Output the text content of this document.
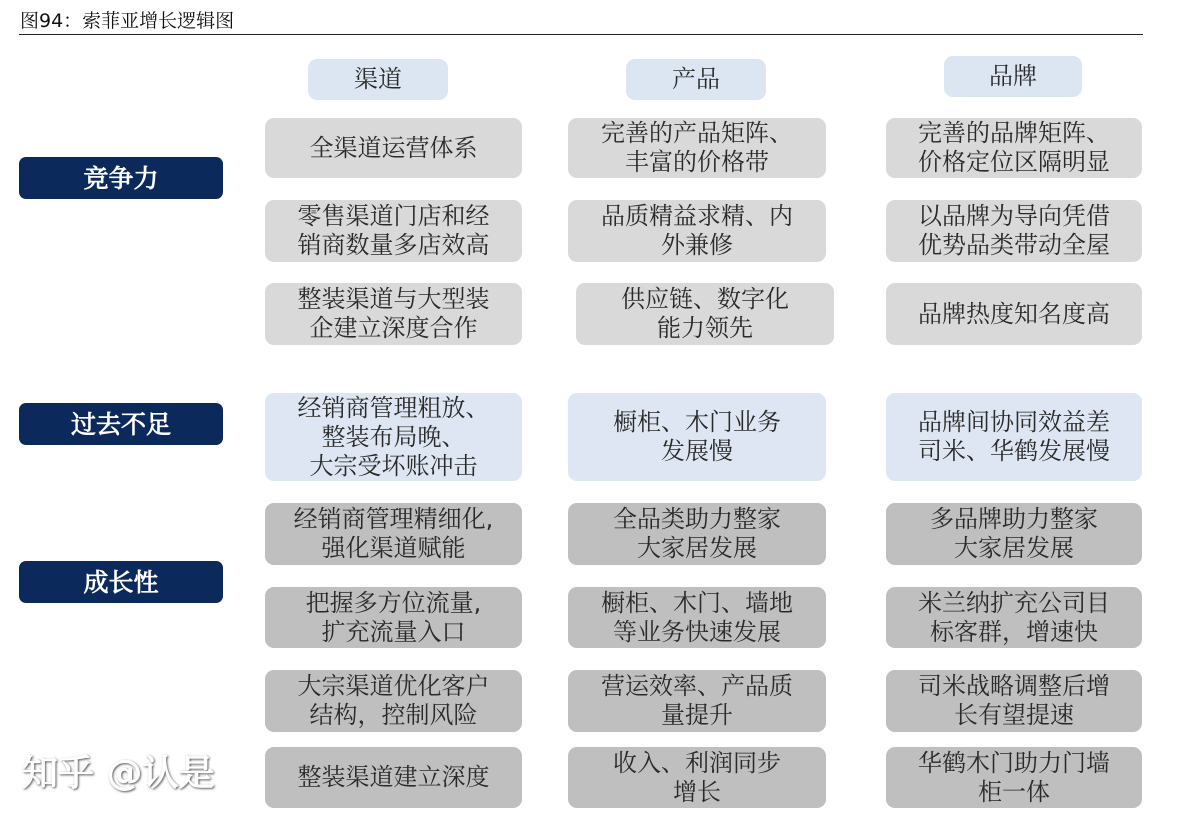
图94：索菲亚增长逻辑图
渠道	产品	品牌
竞争力
过去不足
成长性
全渠道运营体系
完善的产品矩阵、
丰富的价格带
完善的品牌矩阵、
价格定位区隔明显
零售渠道门店和经
销商数量多店效高
品质精益求精、内
外兼修
以品牌为导向凭借
优势品类带动全屋
整装渠道与大型装
企建立深度合作
供应链、数字化
能力领先
品牌热度知名度高
经销商管理粗放、
整装布局晚、
大宗受坏账冲击
橱柜、木门业务
发展慢
品牌间协同效益差
司米、华鹤发展慢
经销商管理精细化,
强化渠道赋能
全品类助力整家
大家居发展
多品牌助力整家
大家居发展
把握多方位流量,
扩充流量入口
橱柜、木门、墙地
等业务快速发展
米兰纳扩充公司目
标客群，增速快
大宗渠道优化客户
结构，控制风险
营运效率、产品质
量提升
司米战略调整后增
长有望提速
整装渠道建立深度
收入、利润同步
增长
华鹤木门助力门墙
柜一体
知乎 @认是
